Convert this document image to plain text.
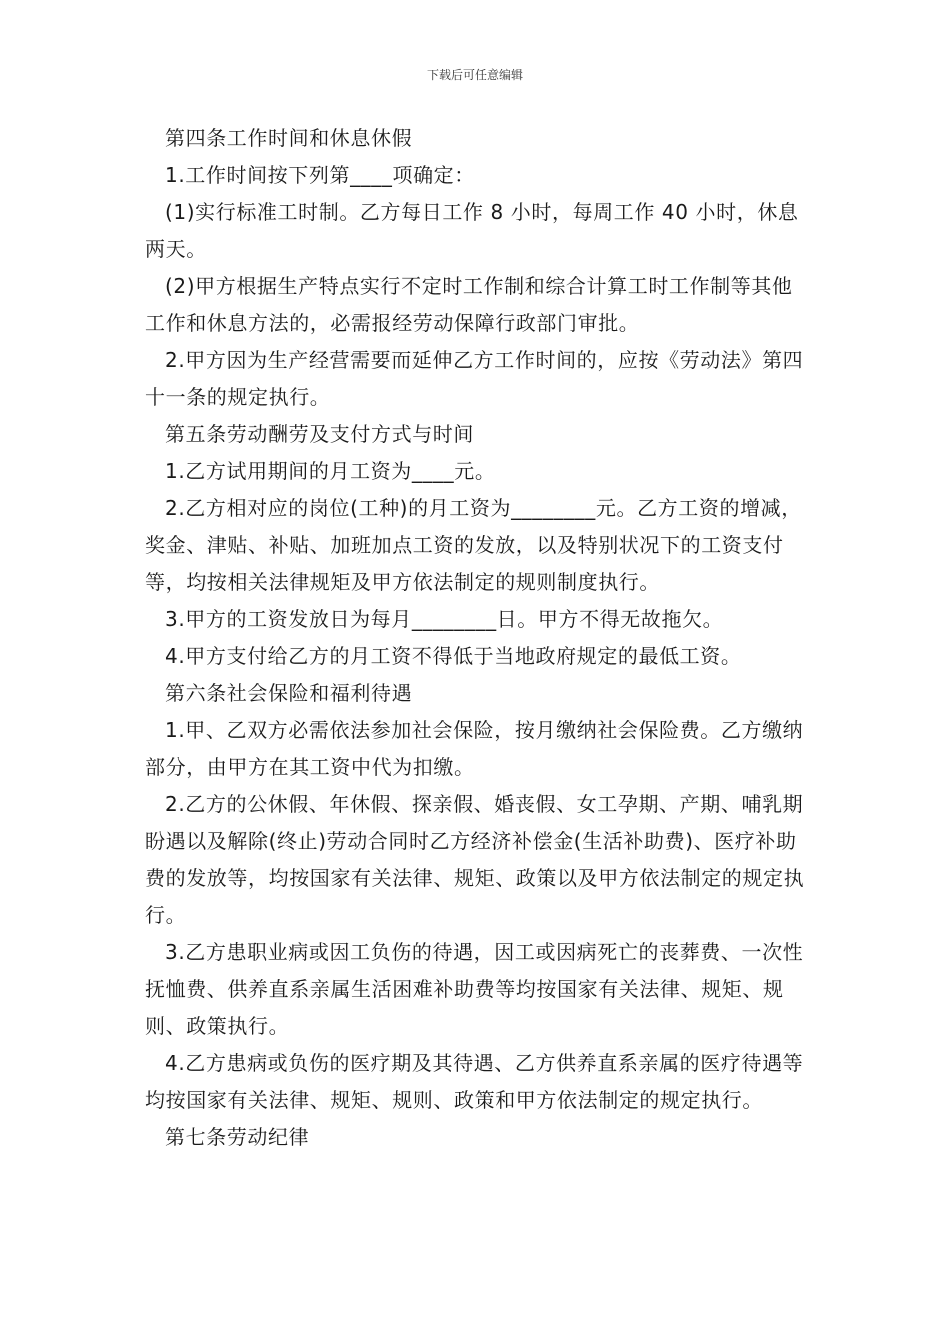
下载后可任意编辑

第四条工作时间和休息休假

1.工作时间按下列第____项确定：

(1)实行标准工时制。乙方每日工作 8 小时，每周工作 40 小时，休息两天。

(2)甲方根据生产特点实行不定时工作制和综合计算工时工作制等其他工作和休息方法的，必需报经劳动保障行政部门审批。

2.甲方因为生产经营需要而延伸乙方工作时间的，应按《劳动法》第四十一条的规定执行。

第五条劳动酬劳及支付方式与时间

1.乙方试用期间的月工资为____元。

2.乙方相对应的岗位(工种)的月工资为________元。乙方工资的增减，奖金、津贴、补贴、加班加点工资的发放，以及特别状况下的工资支付等，均按相关法律规矩及甲方依法制定的规则制度执行。

3.甲方的工资发放日为每月________日。甲方不得无故拖欠。

4.甲方支付给乙方的月工资不得低于当地政府规定的最低工资。

第六条社会保险和福利待遇

1.甲、乙双方必需依法参加社会保险，按月缴纳社会保险费。乙方缴纳部分，由甲方在其工资中代为扣缴。

2.乙方的公休假、年休假、探亲假、婚丧假、女工孕期、产期、哺乳期盼遇以及解除(终止)劳动合同时乙方经济补偿金(生活补助费)、医疗补助费的发放等，均按国家有关法律、规矩、政策以及甲方依法制定的规定执行。

3.乙方患职业病或因工负伤的待遇，因工或因病死亡的丧葬费、一次性抚恤费、供养直系亲属生活困难补助费等均按国家有关法律、规矩、规则、政策执行。

4.乙方患病或负伤的医疗期及其待遇、乙方供养直系亲属的医疗待遇等均按国家有关法律、规矩、规则、政策和甲方依法制定的规定执行。

第七条劳动纪律
